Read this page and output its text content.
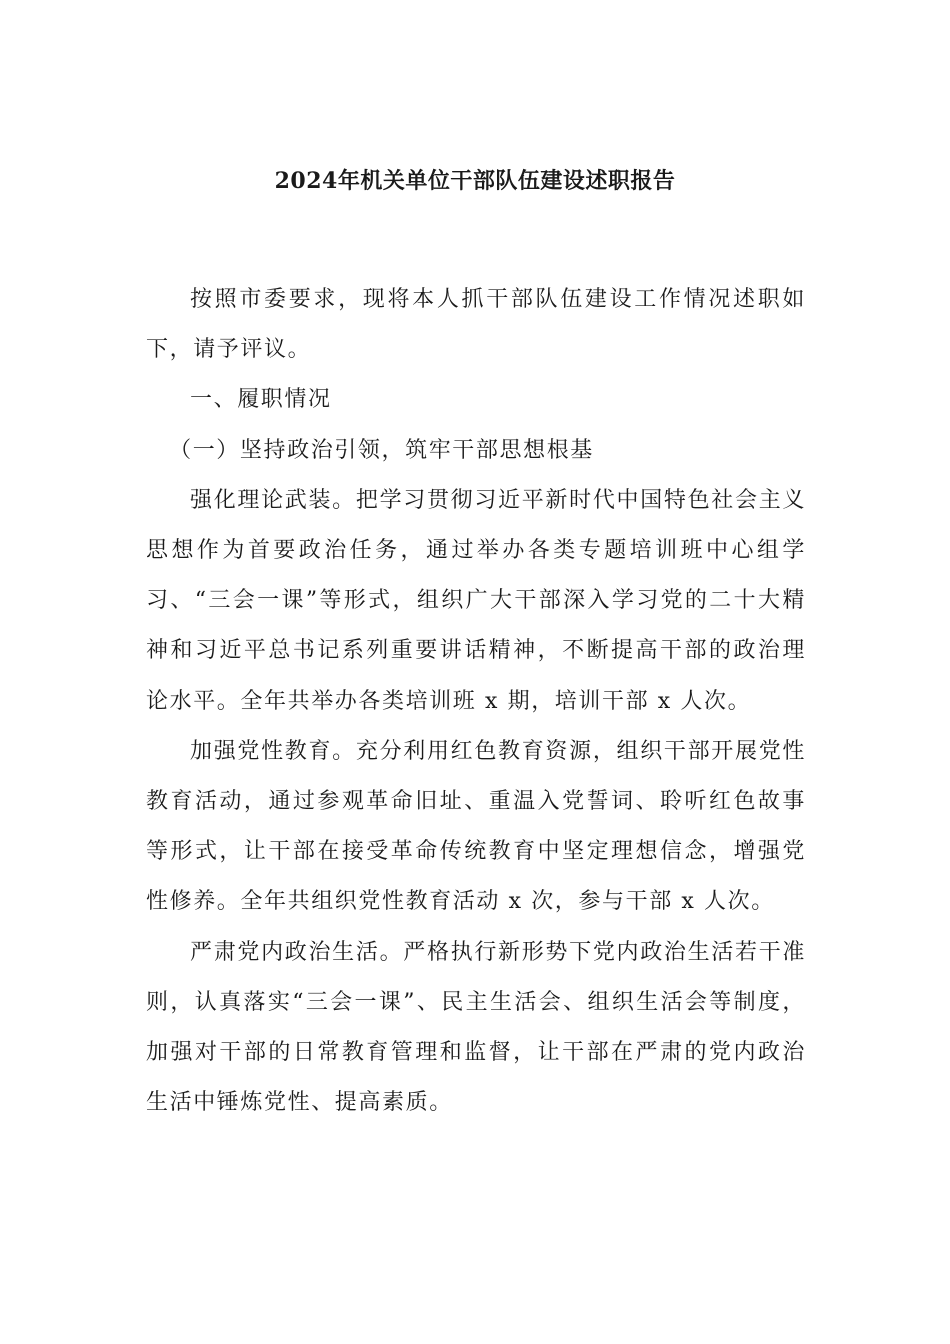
2024年机关单位干部队伍建设述职报告

按照市委要求，现将本人抓干部队伍建设工作情况述职如下，请予评议。

一、履职情况

（一）坚持政治引领，筑牢干部思想根基

强化理论武装。把学习贯彻习近平新时代中国特色社会主义思想作为首要政治任务，通过举办各类专题培训班中心组学习、“三会一课”等形式，组织广大干部深入学习党的二十大精神和习近平总书记系列重要讲话精神，不断提高干部的政治理论水平。全年共举办各类培训班 x 期，培训干部 x 人次。

加强党性教育。充分利用红色教育资源，组织干部开展党性教育活动，通过参观革命旧址、重温入党誓词、聆听红色故事等形式，让干部在接受革命传统教育中坚定理想信念，增强党性修养。全年共组织党性教育活动 x 次，参与干部 x 人次。

严肃党内政治生活。严格执行新形势下党内政治生活若干准则，认真落实“三会一课”、民主生活会、组织生活会等制度，加强对干部的日常教育管理和监督，让干部在严肃的党内政治生活中锤炼党性、提高素质。
